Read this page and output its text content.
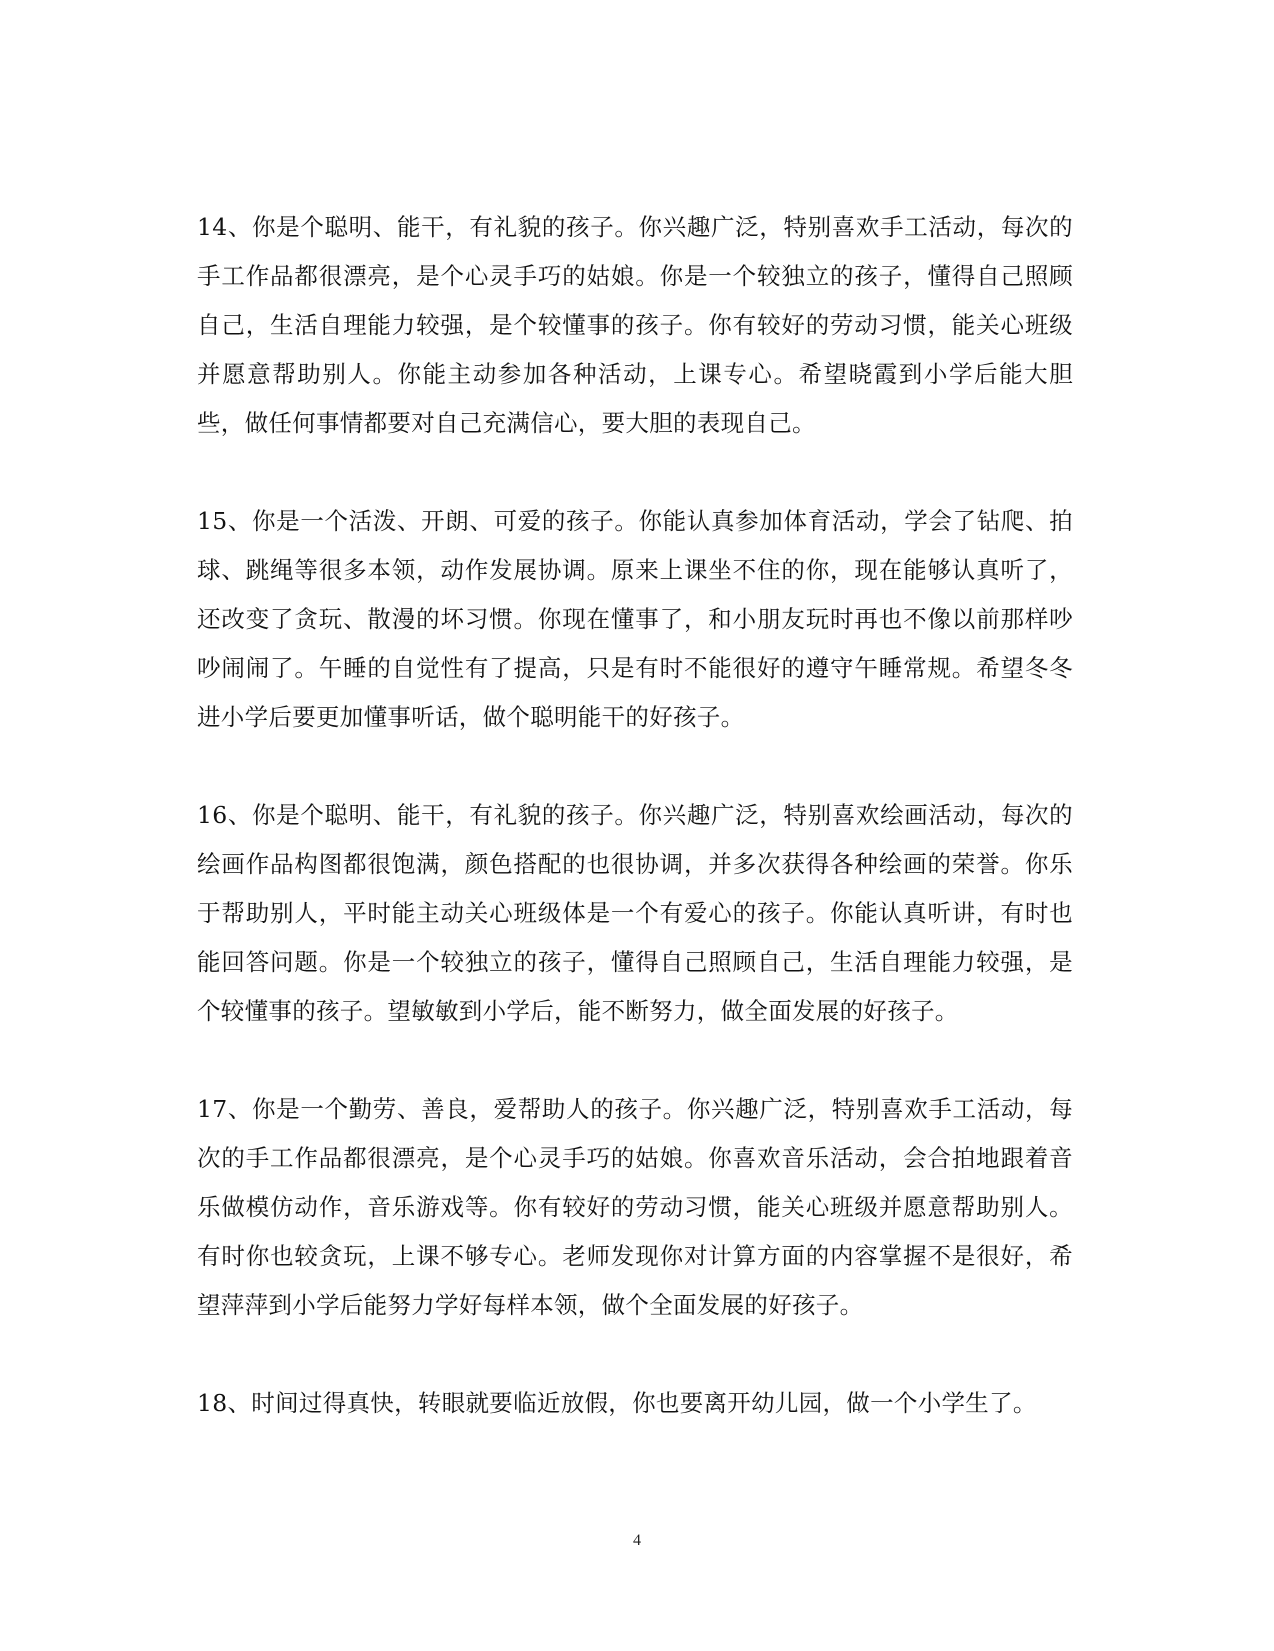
14、你是个聪明、能干，有礼貌的孩子。你兴趣广泛，特别喜欢手工活动，每次的手工作品都很漂亮，是个心灵手巧的姑娘。你是一个较独立的孩子，懂得自己照顾自己，生活自理能力较强，是个较懂事的孩子。你有较好的劳动习惯，能关心班级并愿意帮助别人。你能主动参加各种活动，上课专心。希望晓霞到小学后能大胆些，做任何事情都要对自己充满信心，要大胆的表现自己。

15、你是一个活泼、开朗、可爱的孩子。你能认真参加体育活动，学会了钻爬、拍球、跳绳等很多本领，动作发展协调。原来上课坐不住的你，现在能够认真听了，还改变了贪玩、散漫的坏习惯。你现在懂事了，和小朋友玩时再也不像以前那样吵吵闹闹了。午睡的自觉性有了提高，只是有时不能很好的遵守午睡常规。希望冬冬进小学后要更加懂事听话，做个聪明能干的好孩子。

16、你是个聪明、能干，有礼貌的孩子。你兴趣广泛，特别喜欢绘画活动，每次的绘画作品构图都很饱满，颜色搭配的也很协调，并多次获得各种绘画的荣誉。你乐于帮助别人，平时能主动关心班级体是一个有爱心的孩子。你能认真听讲，有时也能回答问题。你是一个较独立的孩子，懂得自己照顾自己，生活自理能力较强，是个较懂事的孩子。望敏敏到小学后，能不断努力，做全面发展的好孩子。

17、你是一个勤劳、善良，爱帮助人的孩子。你兴趣广泛，特别喜欢手工活动，每次的手工作品都很漂亮，是个心灵手巧的姑娘。你喜欢音乐活动，会合拍地跟着音乐做模仿动作，音乐游戏等。你有较好的劳动习惯，能关心班级并愿意帮助别人。有时你也较贪玩，上课不够专心。老师发现你对计算方面的内容掌握不是很好，希望萍萍到小学后能努力学好每样本领，做个全面发展的好孩子。

18、时间过得真快，转眼就要临近放假，你也要离开幼儿园，做一个小学生了。

4
